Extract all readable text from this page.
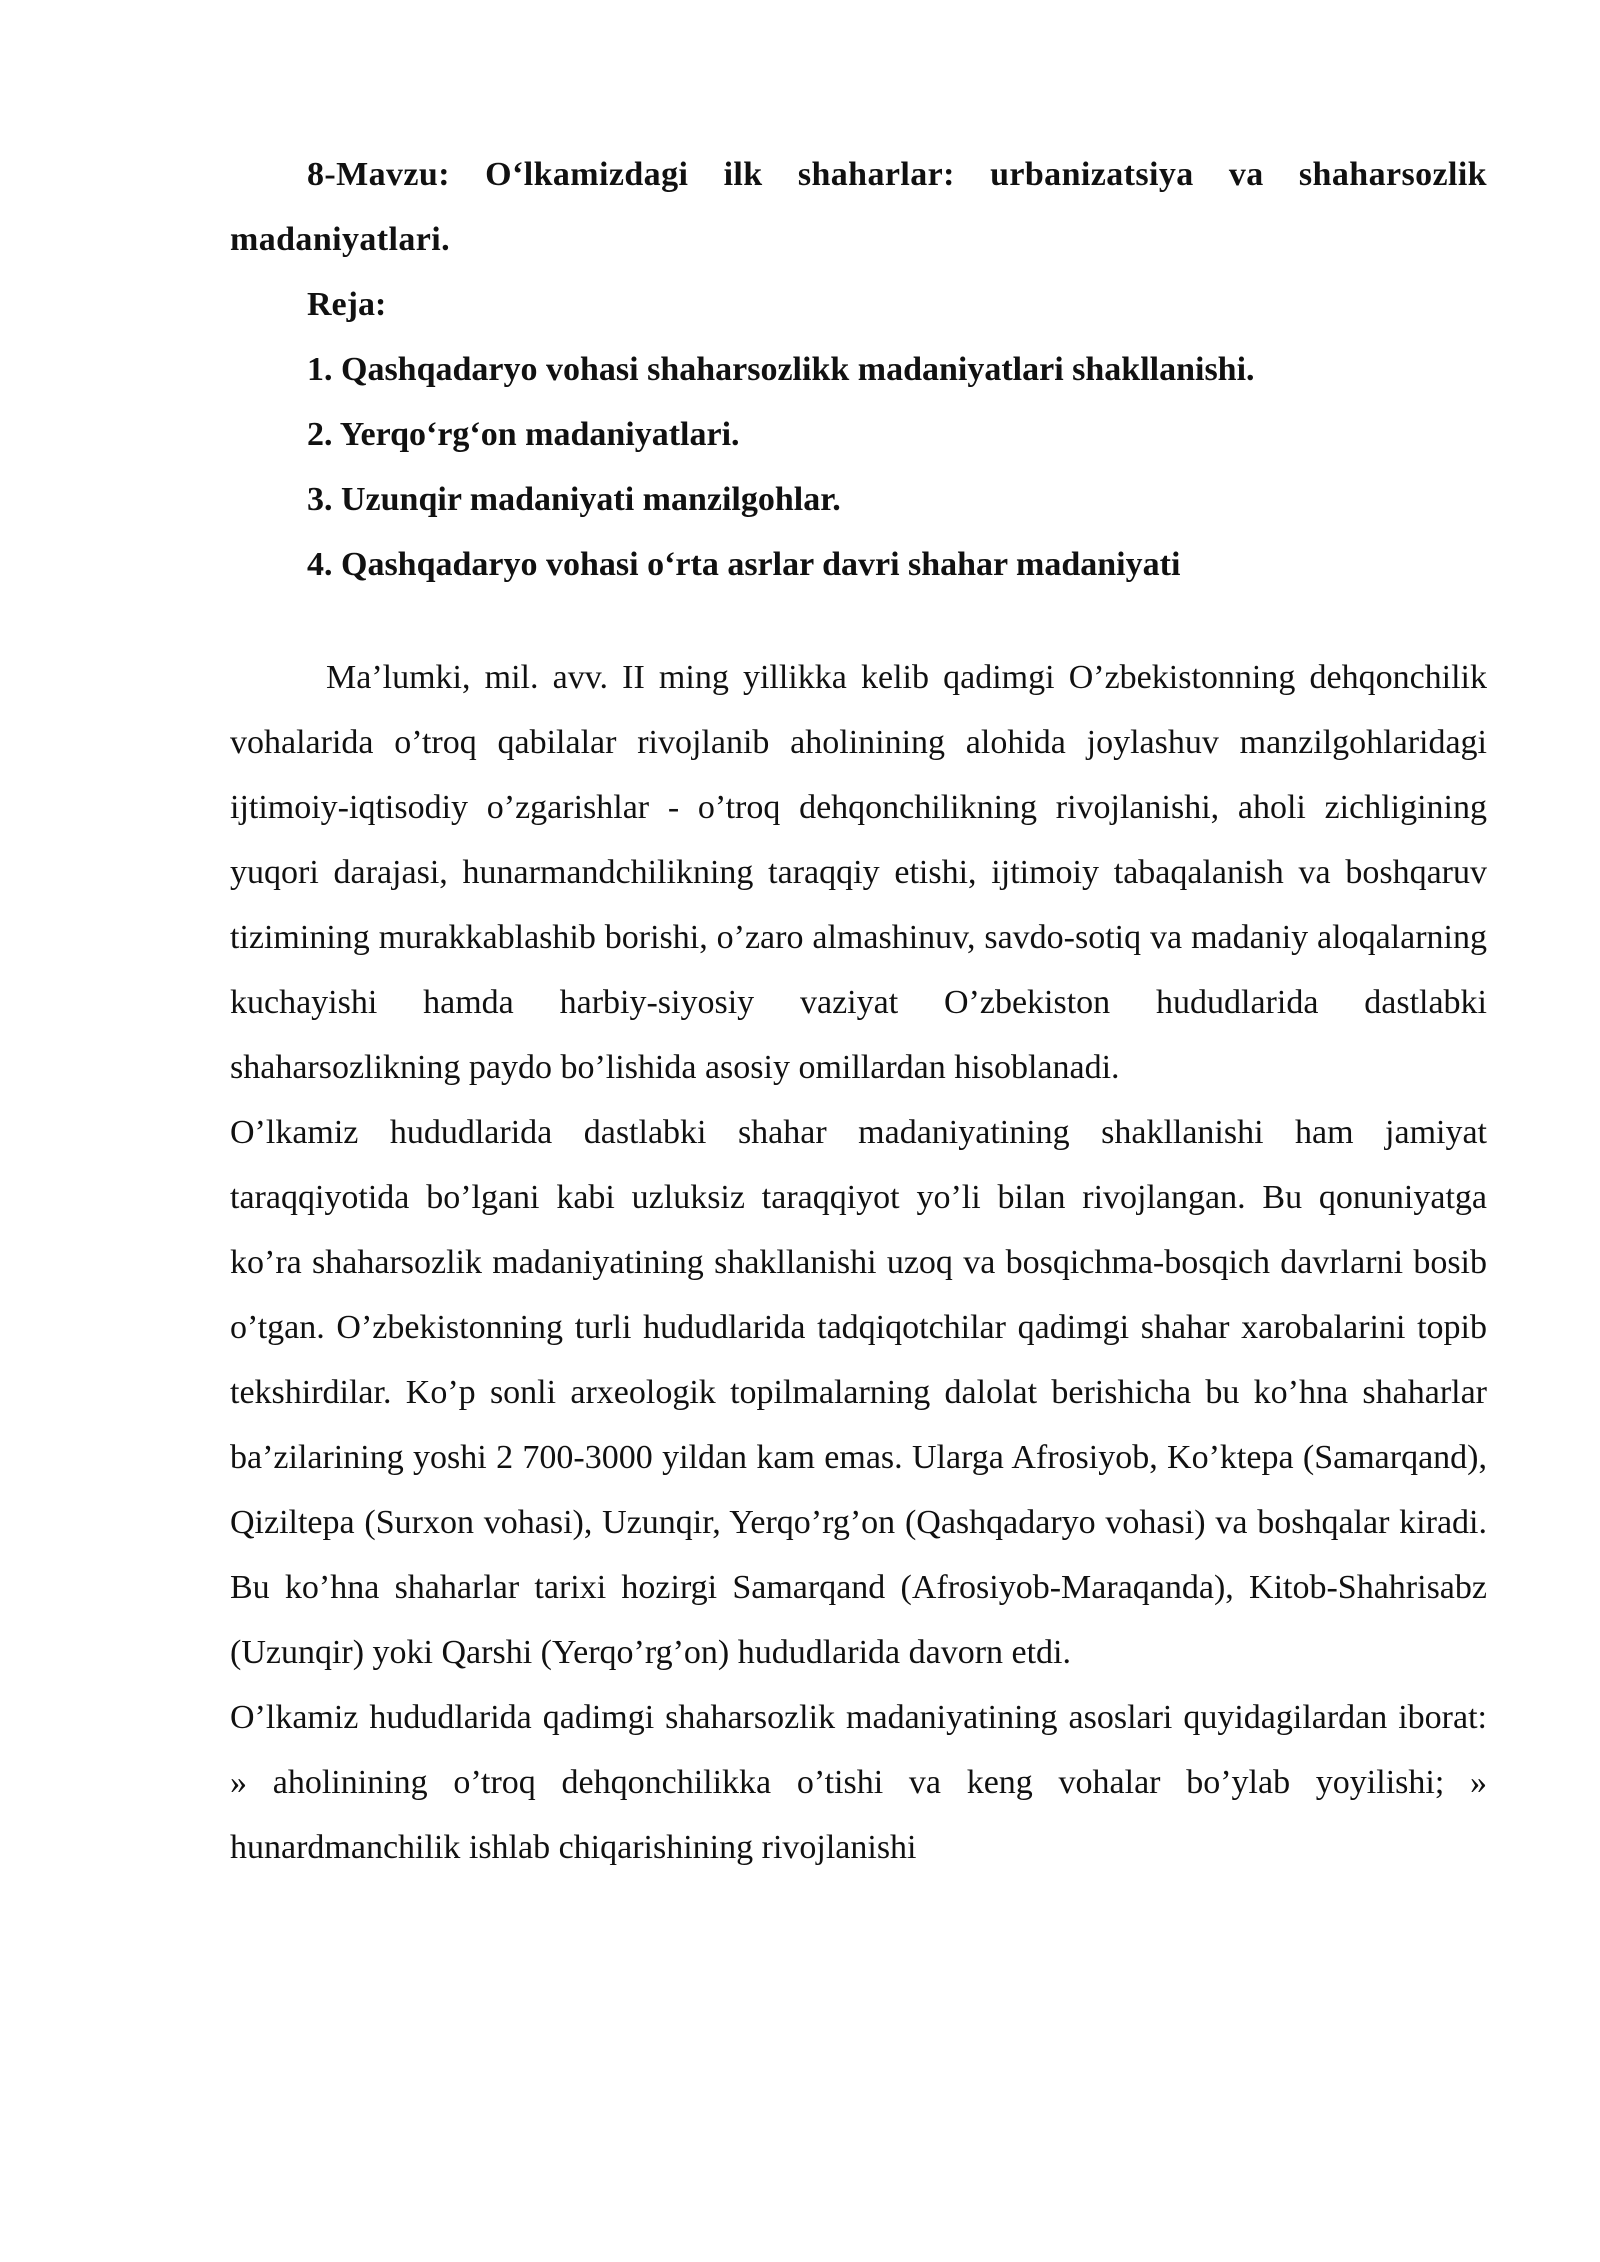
8-Mavzu: O‘lkamizdagi ilk shaharlar: urbanizatsiya va shaharsozlik madaniyatlari.

Reja:

1. Qashqadaryo vohasi shaharsozlikk madaniyatlari shakllanishi.

2. Yerqo‘rg‘on madaniyatlari.

3. Uzunqir madaniyati manzilgohlar.

4. Qashqadaryo vohasi o‘rta asrlar davri shahar madaniyati

Ma’lumki, mil. avv. II ming yillikka kelib qadimgi O’zbekistonning dehqonchilik vohalarida o’troq qabilalar rivojlanib aholinining alohida joylashuv manzilgohlaridagi ijtimoiy-iqtisodiy o’zgarishlar - o’troq dehqonchilikning rivojlanishi, aholi zichligining yuqori darajasi, hunarmandchilikning taraqqiy etishi, ijtimoiy tabaqalanish va boshqaruv tizimining murakkablashib borishi, o’zaro almashinuv, savdo-sotiq va madaniy aloqalarning kuchayishi hamda harbiy-siyosiy vaziyat O’zbekiston hududlarida dastlabki shaharsozlikning paydo bo’lishida asosiy omillardan hisoblanadi.

O’lkamiz hududlarida dastlabki shahar madaniyatining shakllanishi ham jamiyat taraqqiyotida bo’lgani kabi uzluksiz taraqqiyot yo’li bilan rivojlangan. Bu qonuniyatga ko’ra shaharsozlik madaniyatining shakllanishi uzoq va bosqichma-bosqich davrlarni bosib o’tgan. O’zbekistonning turli hududlarida tadqiqotchilar qadimgi shahar xarobalarini topib tekshirdilar. Ko’p sonli arxeologik topilmalarning dalolat berishicha bu ko’hna shaharlar ba’zilarining yoshi 2 700-3000 yildan kam emas. Ularga Afrosiyob, Ko’ktepa (Samarqand), Qiziltepa (Surxon vohasi), Uzunqir, Yerqo’rg’on (Qashqadaryo vohasi) va boshqalar kiradi. Bu ko’hna shaharlar tarixi hozirgi Samarqand (Afrosiyob-Maraqanda), Kitob-Shahrisabz (Uzunqir) yoki Qarshi (Yerqo’rg’on) hududlarida davorn etdi.

O’lkamiz hududlarida qadimgi shaharsozlik madaniyatining asoslari quyidagilardan iborat: » aholinining o’troq dehqonchilikka o’tishi va keng vohalar bo’ylab yoyilishi; » hunardmanchilik ishlab chiqarishining rivojlanishi
